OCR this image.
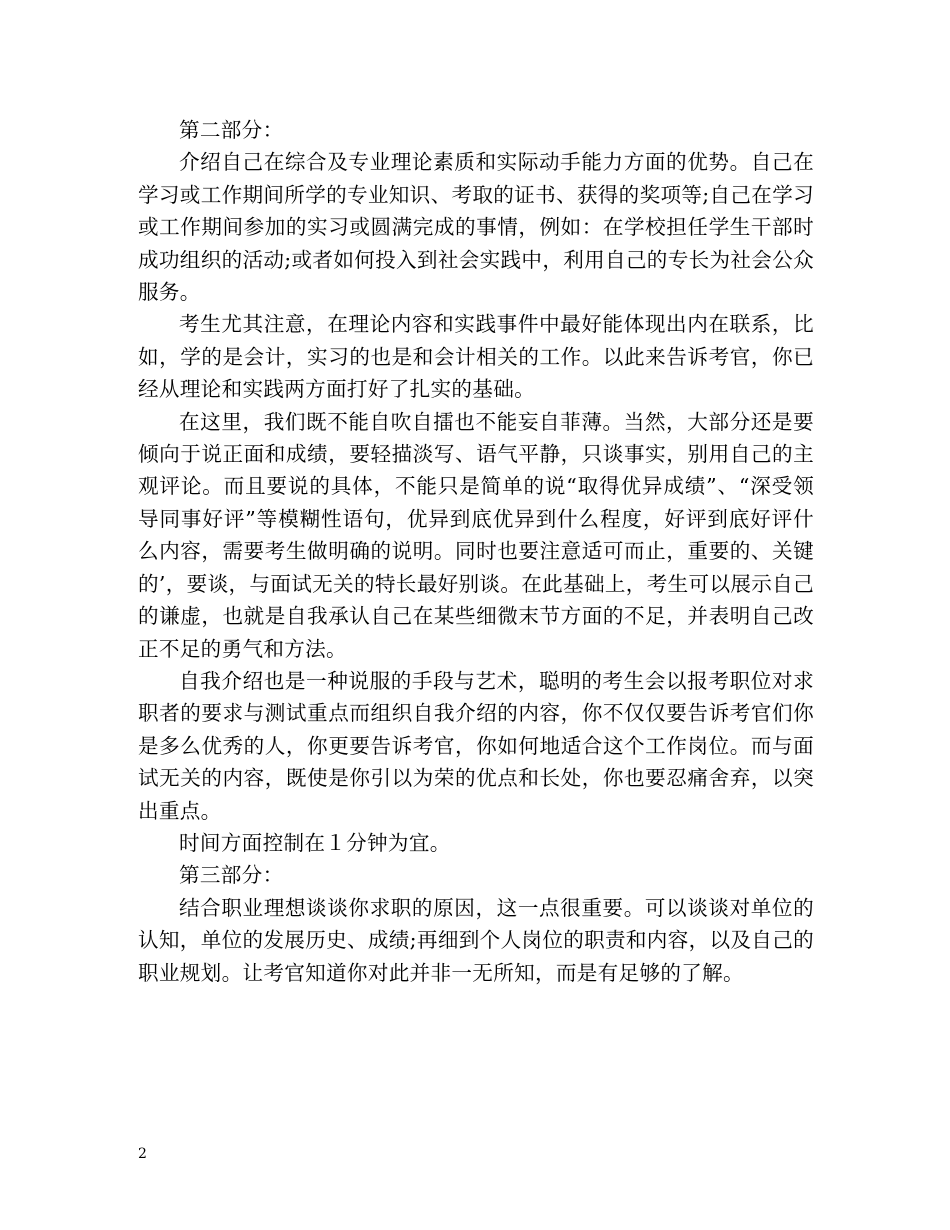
第二部分：

介绍自己在综合及专业理论素质和实际动手能力方面的优势。自己在学习或工作期间所学的专业知识、考取的证书、获得的奖项等;自己在学习或工作期间参加的实习或圆满完成的事情，例如：在学校担任学生干部时成功组织的活动;或者如何投入到社会实践中，利用自己的专长为社会公众服务。

考生尤其注意，在理论内容和实践事件中最好能体现出内在联系，比如，学的是会计，实习的也是和会计相关的工作。以此来告诉考官，你已经从理论和实践两方面打好了扎实的基础。

在这里，我们既不能自吹自擂也不能妄自菲薄。当然，大部分还是要倾向于说正面和成绩，要轻描淡写、语气平静，只谈事实，别用自己的主观评论。而且要说的具体，不能只是简单的说“取得优异成绩”、“深受领导同事好评”等模糊性语句，优异到底优异到什么程度，好评到底好评什么内容，需要考生做明确的说明。同时也要注意适可而止，重要的、关键的’，要谈，与面试无关的特长最好别谈。在此基础上，考生可以展示自己的谦虚，也就是自我承认自己在某些细微末节方面的不足，并表明自己改正不足的勇气和方法。

自我介绍也是一种说服的手段与艺术，聪明的考生会以报考职位对求职者的要求与测试重点而组织自我介绍的内容，你不仅仅要告诉考官们你是多么优秀的人，你更要告诉考官，你如何地适合这个工作岗位。而与面试无关的内容，既使是你引以为荣的优点和长处，你也要忍痛舍弃，以突出重点。

时间方面控制在１分钟为宜。

第三部分：

结合职业理想谈谈你求职的原因，这一点很重要。可以谈谈对单位的认知，单位的发展历史、成绩;再细到个人岗位的职责和内容，以及自己的职业规划。让考官知道你对此并非一无所知，而是有足够的了解。

2
